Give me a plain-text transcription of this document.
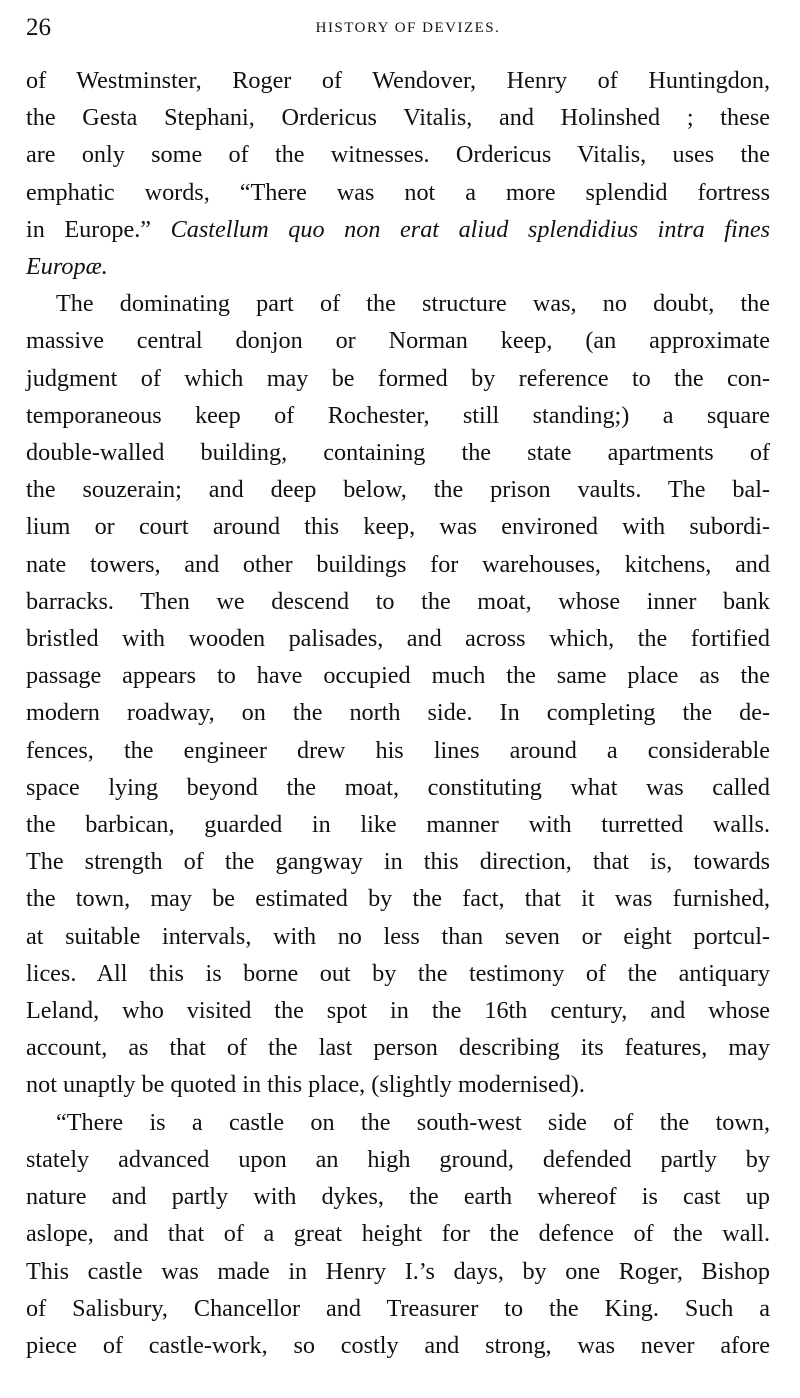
26	HISTORY OF DEVIZES.
of Westminster, Roger of Wendover, Henry of Huntingdon,
the Gesta Stephani, Ordericus Vitalis, and Holinshed ; these
are only some of the witnesses. Ordericus Vitalis, uses the
emphatic words, “There was not a more splendid fortress
in Europe.” Castellum quo non erat aliud splendidius intra fines
Europæ.
The dominating part of the structure was, no doubt, the
massive central donjon or Norman keep, (an approximate
judgment of which may be formed by reference to the con-
temporaneous keep of Rochester, still standing;) a square
double-walled building, containing the state apartments of
the souzerain; and deep below, the prison vaults. The bal-
lium or court around this keep, was environed with subordi-
nate towers, and other buildings for warehouses, kitchens, and
barracks. Then we descend to the moat, whose inner bank
bristled with wooden palisades, and across which, the fortified
passage appears to have occupied much the same place as the
modern roadway, on the north side. In completing the de-
fences, the engineer drew his lines around a considerable
space lying beyond the moat, constituting what was called
the barbican, guarded in like manner with turretted walls.
The strength of the gangway in this direction, that is, towards
the town, may be estimated by the fact, that it was furnished,
at suitable intervals, with no less than seven or eight portcul-
lices. All this is borne out by the testimony of the antiquary
Leland, who visited the spot in the 16th century, and whose
account, as that of the last person describing its features, may
not unaptly be quoted in this place, (slightly modernised).
“There is a castle on the south-west side of the town,
stately advanced upon an high ground, defended partly by
nature and partly with dykes, the earth whereof is cast up
aslope, and that of a great height for the defence of the wall.
This castle was made in Henry I.’s days, by one Roger, Bishop
of Salisbury, Chancellor and Treasurer to the King. Such a
piece of castle-work, so costly and strong, was never afore
